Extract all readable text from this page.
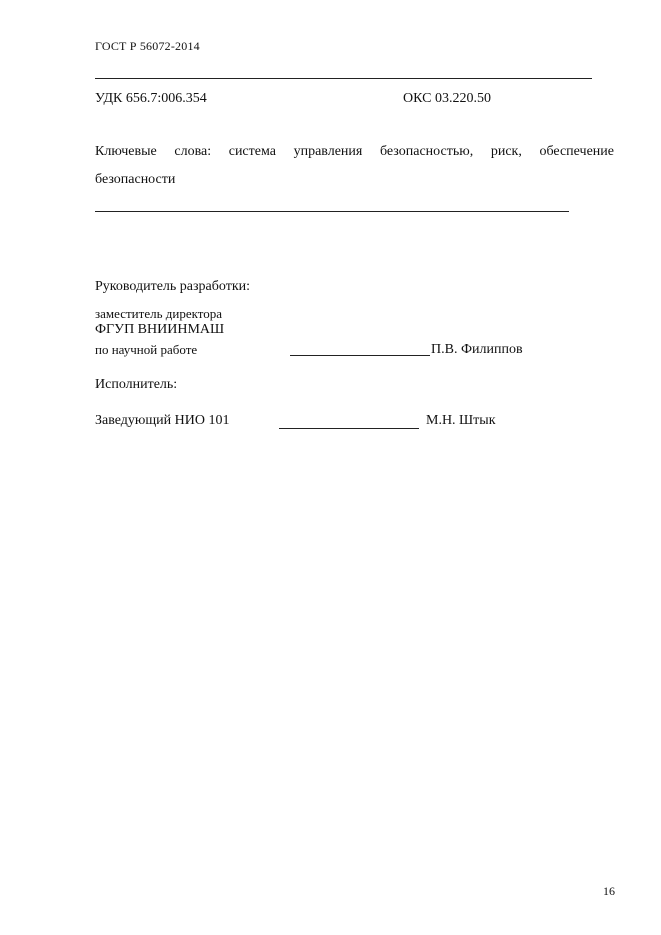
ГОСТ Р 56072-2014
УДК 656.7:006.354	ОКС 03.220.50
Ключевые слова: система управления безопасностью, риск, обеспечение
безопасности
Руководитель разработки:
заместитель директора
ФГУП ВНИИНМАШ
по научной работе	П.В. Филиппов
Исполнитель:
Заведующий НИО 101	М.Н. Штык
16
